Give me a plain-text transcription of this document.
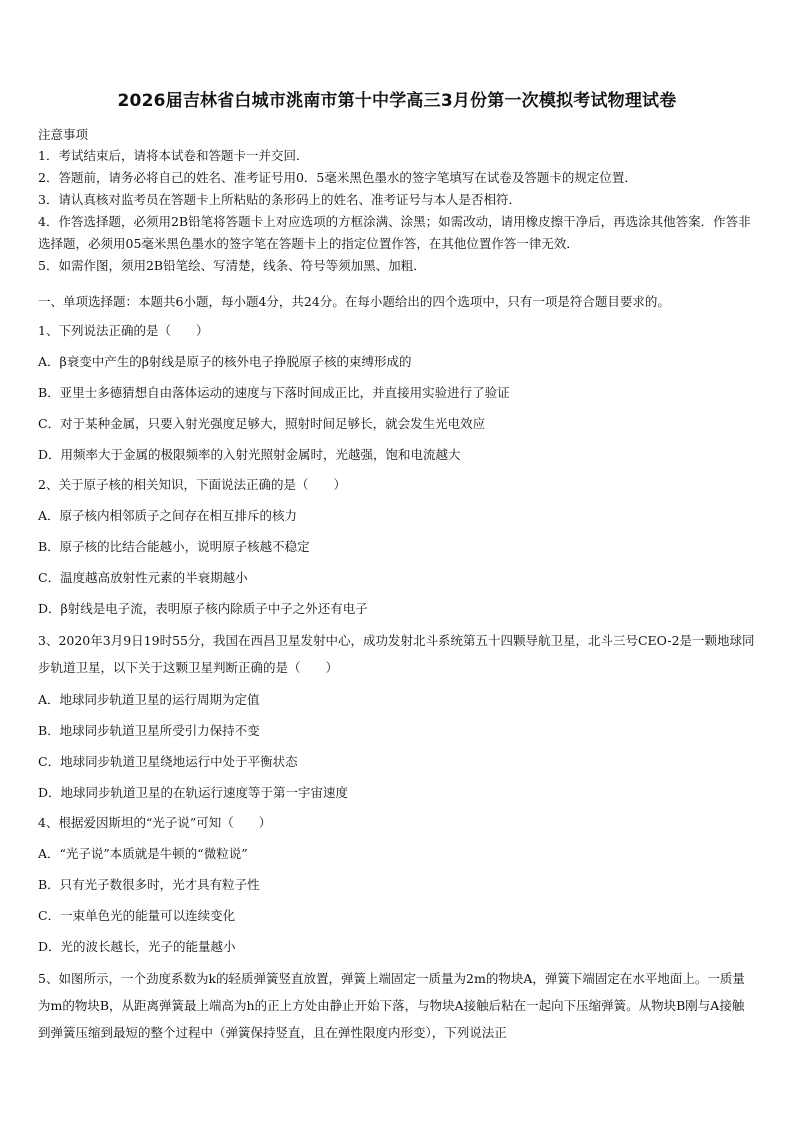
2026届吉林省白城市洮南市第十中学高三3月份第一次模拟考试物理试卷
注意事项
1．考试结束后，请将本试卷和答题卡一并交回．
2．答题前，请务必将自己的姓名、准考证号用0．5毫米黑色墨水的签字笔填写在试卷及答题卡的规定位置．
3．请认真核对监考员在答题卡上所粘贴的条形码上的姓名、准考证号与本人是否相符．
4．作答选择题，必须用2B铅笔将答题卡上对应选项的方框涂满、涂黑；如需改动，请用橡皮擦干净后，再选涂其他答案．作答非选择题，必须用05毫米黑色墨水的签字笔在答题卡上的指定位置作答，在其他位置作答一律无效．
5．如需作图，须用2B铅笔绘、写清楚，线条、符号等须加黑、加粗．
一、单项选择题：本题共6小题，每小题4分，共24分。在每小题给出的四个选项中，只有一项是符合题目要求的。
1、下列说法正确的是（　　）
A．β衰变中产生的β射线是原子的核外电子挣脱原子核的束缚形成的
B．亚里士多德猜想自由落体运动的速度与下落时间成正比，并直接用实验进行了验证
C．对于某种金属，只要入射光强度足够大，照射时间足够长，就会发生光电效应
D．用频率大于金属的极限频率的入射光照射金属时，光越强，饱和电流越大
2、关于原子核的相关知识，下面说法正确的是（　　）
A．原子核内相邻质子之间存在相互排斥的核力
B．原子核的比结合能越小，说明原子核越不稳定
C．温度越高放射性元素的半衰期越小
D．β射线是电子流，表明原子核内除质子中子之外还有电子
3、2020年3月9日19时55分，我国在西昌卫星发射中心，成功发射北斗系统第五十四颗导航卫星，北斗三号CEO-2是一颗地球同步轨道卫星，以下关于这颗卫星判断正确的是（　　）
A．地球同步轨道卫星的运行周期为定值
B．地球同步轨道卫星所受引力保持不变
C．地球同步轨道卫星绕地运行中处于平衡状态
D．地球同步轨道卫星的在轨运行速度等于第一宇宙速度
4、根据爱因斯坦的“光子说”可知（　　）
A．“光子说”本质就是牛顿的“微粒说”
B．只有光子数很多时，光才具有粒子性
C．一束单色光的能量可以连续变化
D．光的波长越长，光子的能量越小
5、如图所示，一个劲度系数为k的轻质弹簧竖直放置，弹簧上端固定一质量为2m的物块A，弹簧下端固定在水平地面上。一质量为m的物块B，从距离弹簧最上端高为h的正上方处由静止开始下落，与物块A接触后粘在一起向下压缩弹簧。从物块B刚与A接触到弹簧压缩到最短的整个过程中（弹簧保持竖直，且在弹性限度内形变），下列说法正
